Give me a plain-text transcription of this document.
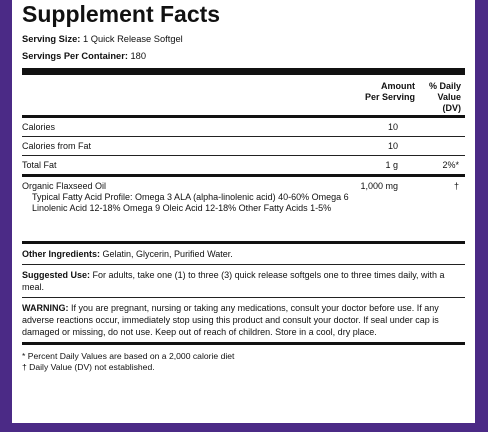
Supplement Facts
Serving Size: 1 Quick Release Softgel
Servings Per Container: 180
Amount
Per Serving
% Daily
Value
(DV)
Calories	10
Calories from Fat	10
Total Fat	1 g	2%*
Organic Flaxseed Oil	1,000 mg	†
Typical Fatty Acid Profile: Omega 3 ALA (alpha-linolenic acid) 40-60% Omega 6 Linolenic Acid 12-18% Omega 9 Oleic Acid 12-18% Other Fatty Acids 1-5%
Other Ingredients: Gelatin, Glycerin, Purified Water.
Suggested Use: For adults, take one (1) to three (3) quick release softgels one to three times daily, with a meal.
WARNING: If you are pregnant, nursing or taking any medications, consult your doctor before use. If any adverse reactions occur, immediately stop using this product and consult your doctor. If seal under cap is damaged or missing, do not use. Keep out of reach of children. Store in a cool, dry place.
* Percent Daily Values are based on a 2,000 calorie diet
† Daily Value (DV) not established.
